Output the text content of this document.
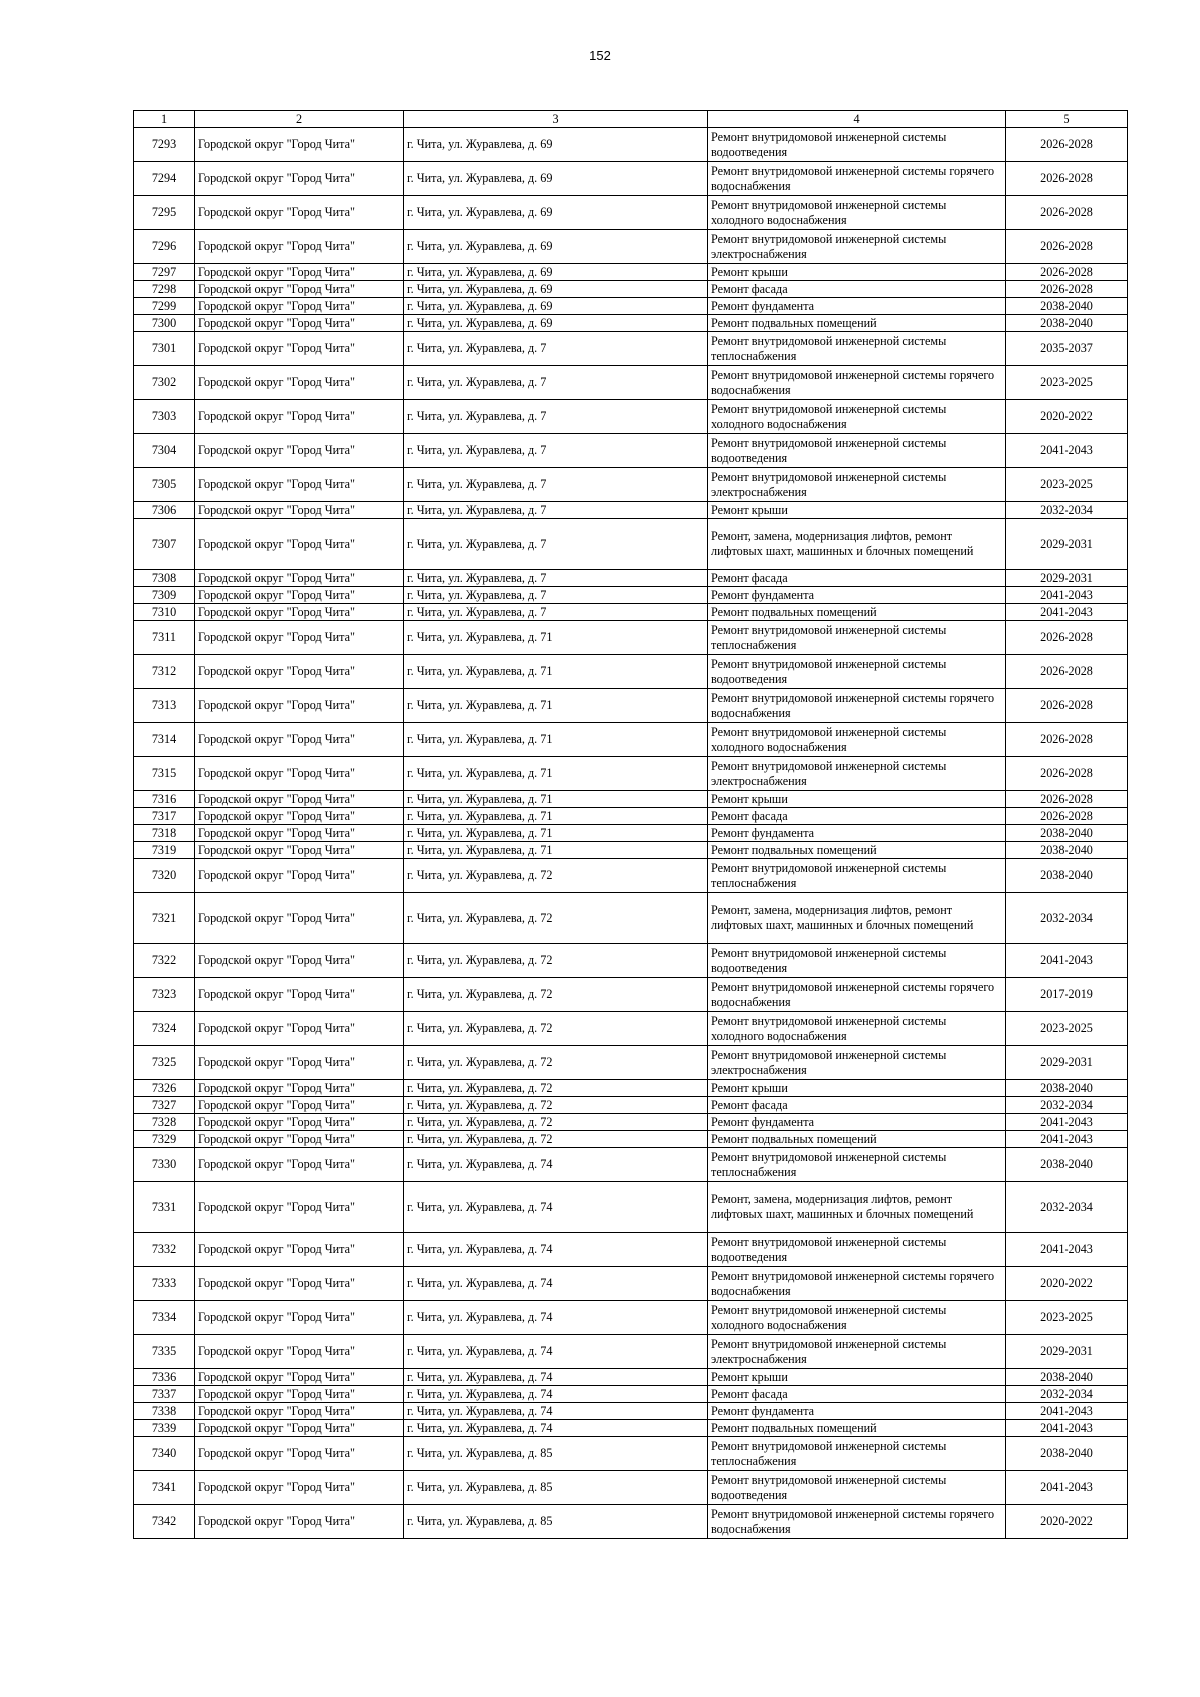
152
1	2	3	4	5
7293	Городской округ "Город Чита"	г. Чита, ул. Журавлева, д. 69	Ремонт внутридомовой инженерной системы водоотведения	2026-2028
7294	Городской округ "Город Чита"	г. Чита, ул. Журавлева, д. 69	Ремонт внутридомовой инженерной системы горячего водоснабжения	2026-2028
7295	Городской округ "Город Чита"	г. Чита, ул. Журавлева, д. 69	Ремонт внутридомовой инженерной системы холодного водоснабжения	2026-2028
7296	Городской округ "Город Чита"	г. Чита, ул. Журавлева, д. 69	Ремонт внутридомовой инженерной системы электроснабжения	2026-2028
7297	Городской округ "Город Чита"	г. Чита, ул. Журавлева, д. 69	Ремонт крыши	2026-2028
7298	Городской округ "Город Чита"	г. Чита, ул. Журавлева, д. 69	Ремонт фасада	2026-2028
7299	Городской округ "Город Чита"	г. Чита, ул. Журавлева, д. 69	Ремонт фундамента	2038-2040
7300	Городской округ "Город Чита"	г. Чита, ул. Журавлева, д. 69	Ремонт подвальных помещений	2038-2040
7301	Городской округ "Город Чита"	г. Чита, ул. Журавлева, д. 7	Ремонт внутридомовой инженерной системы теплоснабжения	2035-2037
7302	Городской округ "Город Чита"	г. Чита, ул. Журавлева, д. 7	Ремонт внутридомовой инженерной системы горячего водоснабжения	2023-2025
7303	Городской округ "Город Чита"	г. Чита, ул. Журавлева, д. 7	Ремонт внутридомовой инженерной системы холодного водоснабжения	2020-2022
7304	Городской округ "Город Чита"	г. Чита, ул. Журавлева, д. 7	Ремонт внутридомовой инженерной системы водоотведения	2041-2043
7305	Городской округ "Город Чита"	г. Чита, ул. Журавлева, д. 7	Ремонт внутридомовой инженерной системы электроснабжения	2023-2025
7306	Городской округ "Город Чита"	г. Чита, ул. Журавлева, д. 7	Ремонт крыши	2032-2034
7307	Городской округ "Город Чита"	г. Чита, ул. Журавлева, д. 7	Ремонт, замена, модернизация лифтов, ремонт лифтовых шахт, машинных и блочных помещений	2029-2031
7308	Городской округ "Город Чита"	г. Чита, ул. Журавлева, д. 7	Ремонт фасада	2029-2031
7309	Городской округ "Город Чита"	г. Чита, ул. Журавлева, д. 7	Ремонт фундамента	2041-2043
7310	Городской округ "Город Чита"	г. Чита, ул. Журавлева, д. 7	Ремонт подвальных помещений	2041-2043
7311	Городской округ "Город Чита"	г. Чита, ул. Журавлева, д. 71	Ремонт внутридомовой инженерной системы теплоснабжения	2026-2028
7312	Городской округ "Город Чита"	г. Чита, ул. Журавлева, д. 71	Ремонт внутридомовой инженерной системы водоотведения	2026-2028
7313	Городской округ "Город Чита"	г. Чита, ул. Журавлева, д. 71	Ремонт внутридомовой инженерной системы горячего водоснабжения	2026-2028
7314	Городской округ "Город Чита"	г. Чита, ул. Журавлева, д. 71	Ремонт внутридомовой инженерной системы холодного водоснабжения	2026-2028
7315	Городской округ "Город Чита"	г. Чита, ул. Журавлева, д. 71	Ремонт внутридомовой инженерной системы электроснабжения	2026-2028
7316	Городской округ "Город Чита"	г. Чита, ул. Журавлева, д. 71	Ремонт крыши	2026-2028
7317	Городской округ "Город Чита"	г. Чита, ул. Журавлева, д. 71	Ремонт фасада	2026-2028
7318	Городской округ "Город Чита"	г. Чита, ул. Журавлева, д. 71	Ремонт фундамента	2038-2040
7319	Городской округ "Город Чита"	г. Чита, ул. Журавлева, д. 71	Ремонт подвальных помещений	2038-2040
7320	Городской округ "Город Чита"	г. Чита, ул. Журавлева, д. 72	Ремонт внутридомовой инженерной системы теплоснабжения	2038-2040
7321	Городской округ "Город Чита"	г. Чита, ул. Журавлева, д. 72	Ремонт, замена, модернизация лифтов, ремонт лифтовых шахт, машинных и блочных помещений	2032-2034
7322	Городской округ "Город Чита"	г. Чита, ул. Журавлева, д. 72	Ремонт внутридомовой инженерной системы водоотведения	2041-2043
7323	Городской округ "Город Чита"	г. Чита, ул. Журавлева, д. 72	Ремонт внутридомовой инженерной системы горячего водоснабжения	2017-2019
7324	Городской округ "Город Чита"	г. Чита, ул. Журавлева, д. 72	Ремонт внутридомовой инженерной системы холодного водоснабжения	2023-2025
7325	Городской округ "Город Чита"	г. Чита, ул. Журавлева, д. 72	Ремонт внутридомовой инженерной системы электроснабжения	2029-2031
7326	Городской округ "Город Чита"	г. Чита, ул. Журавлева, д. 72	Ремонт крыши	2038-2040
7327	Городской округ "Город Чита"	г. Чита, ул. Журавлева, д. 72	Ремонт фасада	2032-2034
7328	Городской округ "Город Чита"	г. Чита, ул. Журавлева, д. 72	Ремонт фундамента	2041-2043
7329	Городской округ "Город Чита"	г. Чита, ул. Журавлева, д. 72	Ремонт подвальных помещений	2041-2043
7330	Городской округ "Город Чита"	г. Чита, ул. Журавлева, д. 74	Ремонт внутридомовой инженерной системы теплоснабжения	2038-2040
7331	Городской округ "Город Чита"	г. Чита, ул. Журавлева, д. 74	Ремонт, замена, модернизация лифтов, ремонт лифтовых шахт, машинных и блочных помещений	2032-2034
7332	Городской округ "Город Чита"	г. Чита, ул. Журавлева, д. 74	Ремонт внутридомовой инженерной системы водоотведения	2041-2043
7333	Городской округ "Город Чита"	г. Чита, ул. Журавлева, д. 74	Ремонт внутридомовой инженерной системы горячего водоснабжения	2020-2022
7334	Городской округ "Город Чита"	г. Чита, ул. Журавлева, д. 74	Ремонт внутридомовой инженерной системы холодного водоснабжения	2023-2025
7335	Городской округ "Город Чита"	г. Чита, ул. Журавлева, д. 74	Ремонт внутридомовой инженерной системы электроснабжения	2029-2031
7336	Городской округ "Город Чита"	г. Чита, ул. Журавлева, д. 74	Ремонт крыши	2038-2040
7337	Городской округ "Город Чита"	г. Чита, ул. Журавлева, д. 74	Ремонт фасада	2032-2034
7338	Городской округ "Город Чита"	г. Чита, ул. Журавлева, д. 74	Ремонт фундамента	2041-2043
7339	Городской округ "Город Чита"	г. Чита, ул. Журавлева, д. 74	Ремонт подвальных помещений	2041-2043
7340	Городской округ "Город Чита"	г. Чита, ул. Журавлева, д. 85	Ремонт внутридомовой инженерной системы теплоснабжения	2038-2040
7341	Городской округ "Город Чита"	г. Чита, ул. Журавлева, д. 85	Ремонт внутридомовой инженерной системы водоотведения	2041-2043
7342	Городской округ "Город Чита"	г. Чита, ул. Журавлева, д. 85	Ремонт внутридомовой инженерной системы горячего водоснабжения	2020-2022
